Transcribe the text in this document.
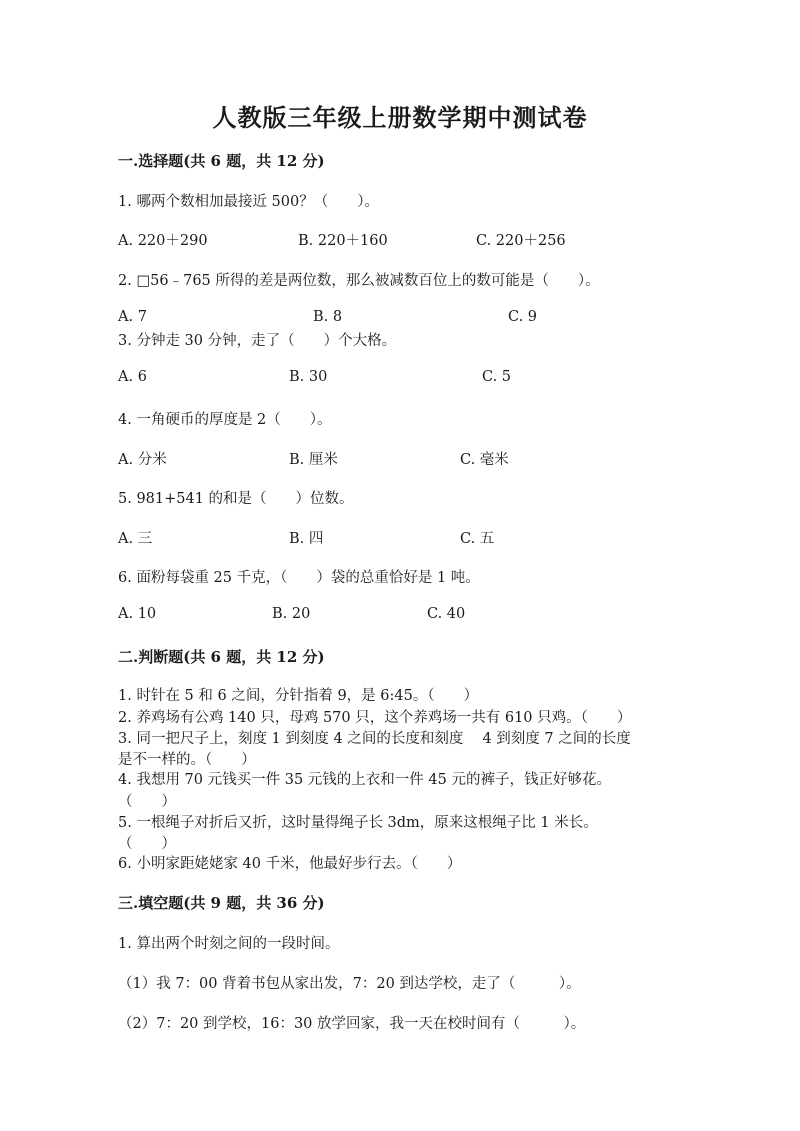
人教版三年级上册数学期中测试卷
一.选择题(共 6 题，共 12 分)
1. 哪两个数相加最接近 500？（　　）。
A. 220＋290	B. 220＋160	C. 220＋256
2. □56﹣765 所得的差是两位数，那么被减数百位上的数可能是（　　）。
A. 7	B. 8	C. 9
3. 分钟走 30 分钟，走了（　　）个大格。
A. 6	B. 30	C. 5
4. 一角硬币的厚度是 2（　　）。
A. 分米	B. 厘米	C. 毫米
5. 981+541 的和是（　　）位数。
A. 三	B. 四	C. 五
6. 面粉每袋重 25 千克，（　　）袋的总重恰好是 1 吨。
A. 10	B. 20	C. 40
二.判断题(共 6 题，共 12 分)
1. 时针在 5 和 6 之间，分针指着 9，是 6:45。（　　）
2. 养鸡场有公鸡 140 只，母鸡 570 只，这个养鸡场一共有 610 只鸡。（　　）
3. 同一把尺子上，刻度 1 到刻度 4 之间的长度和刻度　 4 到刻度 7 之间的长度
是不一样的。（　　）
4. 我想用 70 元钱买一件 35 元钱的上衣和一件 45 元的裤子，钱正好够花。
（　　）
5. 一根绳子对折后又折，这时量得绳子长 3dm，原来这根绳子比 1 米长。
（　　）
6. 小明家距姥姥家 40 千米，他最好步行去。（　　）
三.填空题(共 9 题，共 36 分)
1. 算出两个时刻之间的一段时间。
（1）我 7：00 背着书包从家出发，7：20 到达学校，走了（　　　）。
（2）7：20 到学校，16：30 放学回家，我一天在校时间有（　　　）。
